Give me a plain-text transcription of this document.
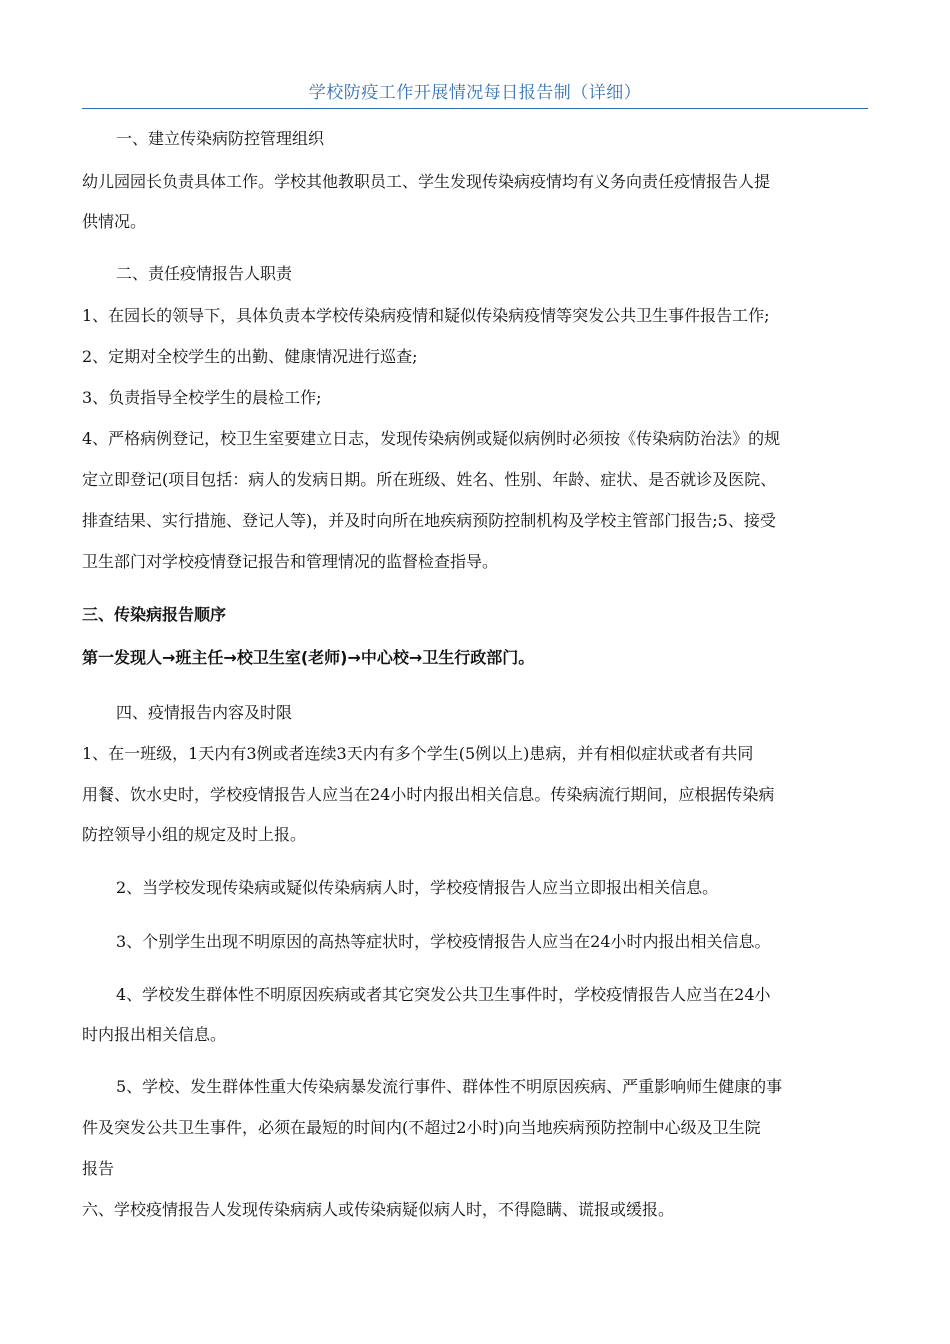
学校防疫工作开展情况每日报告制（详细）
一、建立传染病防控管理组织
幼儿园园长负责具体工作。学校其他教职员工、学生发现传染病疫情均有义务向责任疫情报告人提
供情况。
二、责任疫情报告人职责
1、在园长的领导下，具体负责本学校传染病疫情和疑似传染病疫情等突发公共卫生事件报告工作;
2、定期对全校学生的出勤、健康情况进行巡查;
3、负责指导全校学生的晨检工作;
4、严格病例登记，校卫生室要建立日志，发现传染病例或疑似病例时必须按《传染病防治法》的规
定立即登记(项目包括：病人的发病日期。所在班级、姓名、性别、年龄、症状、是否就诊及医院、
排查结果、实行措施、登记人等)，并及时向所在地疾病预防控制机构及学校主管部门报告;5、接受
卫生部门对学校疫情登记报告和管理情况的监督检查指导。
三、传染病报告顺序
第一发现人→班主任→校卫生室(老师)→中心校→卫生行政部门。
四、疫情报告内容及时限
1、在一班级，1天内有3例或者连续3天内有多个学生(5例以上)患病，并有相似症状或者有共同
用餐、饮水史时，学校疫情报告人应当在24小时内报出相关信息。传染病流行期间，应根据传染病
防控领导小组的规定及时上报。
2、当学校发现传染病或疑似传染病病人时，学校疫情报告人应当立即报出相关信息。
3、个别学生出现不明原因的高热等症状时，学校疫情报告人应当在24小时内报出相关信息。
4、学校发生群体性不明原因疾病或者其它突发公共卫生事件时，学校疫情报告人应当在24小
时内报出相关信息。
5、学校、发生群体性重大传染病暴发流行事件、群体性不明原因疾病、严重影响师生健康的事
件及突发公共卫生事件，必须在最短的时间内(不超过2小时)向当地疾病预防控制中心级及卫生院
报告
六、学校疫情报告人发现传染病病人或传染病疑似病人时，不得隐瞒、谎报或缓报。
